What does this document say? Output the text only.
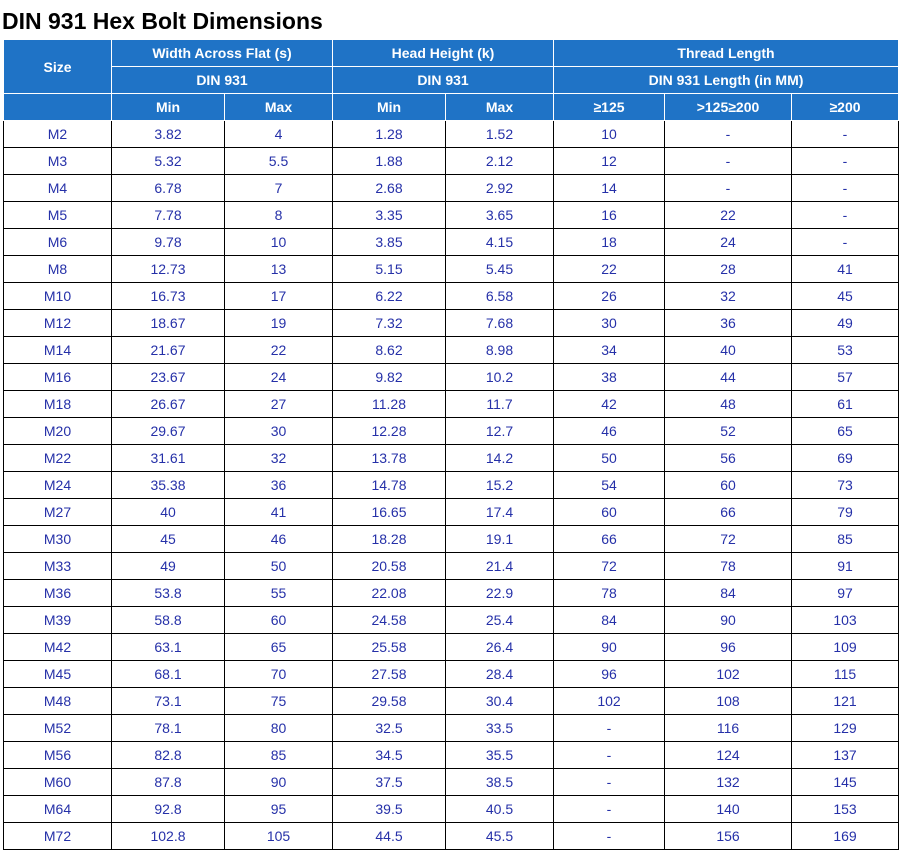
DIN 931 Hex Bolt Dimensions
Size	Width Across Flat (s)		Head Height (k)		Thread Length		
	DIN 931		DIN 931		DIN 931 Length (in MM)		
	Min	Max	Min	Max	≥125	>125≥200	≥200
M2	3.82	4	1.28	1.52	10	-	-
M3	5.32	5.5	1.88	2.12	12	-	-
M4	6.78	7	2.68	2.92	14	-	-
M5	7.78	8	3.35	3.65	16	22	-
M6	9.78	10	3.85	4.15	18	24	-
M8	12.73	13	5.15	5.45	22	28	41
M10	16.73	17	6.22	6.58	26	32	45
M12	18.67	19	7.32	7.68	30	36	49
M14	21.67	22	8.62	8.98	34	40	53
M16	23.67	24	9.82	10.2	38	44	57
M18	26.67	27	11.28	11.7	42	48	61
M20	29.67	30	12.28	12.7	46	52	65
M22	31.61	32	13.78	14.2	50	56	69
M24	35.38	36	14.78	15.2	54	60	73
M27	40	41	16.65	17.4	60	66	79
M30	45	46	18.28	19.1	66	72	85
M33	49	50	20.58	21.4	72	78	91
M36	53.8	55	22.08	22.9	78	84	97
M39	58.8	60	24.58	25.4	84	90	103
M42	63.1	65	25.58	26.4	90	96	109
M45	68.1	70	27.58	28.4	96	102	115
M48	73.1	75	29.58	30.4	102	108	121
M52	78.1	80	32.5	33.5	-	116	129
M56	82.8	85	34.5	35.5	-	124	137
M60	87.8	90	37.5	38.5	-	132	145
M64	92.8	95	39.5	40.5	-	140	153
M72	102.8	105	44.5	45.5	-	156	169
